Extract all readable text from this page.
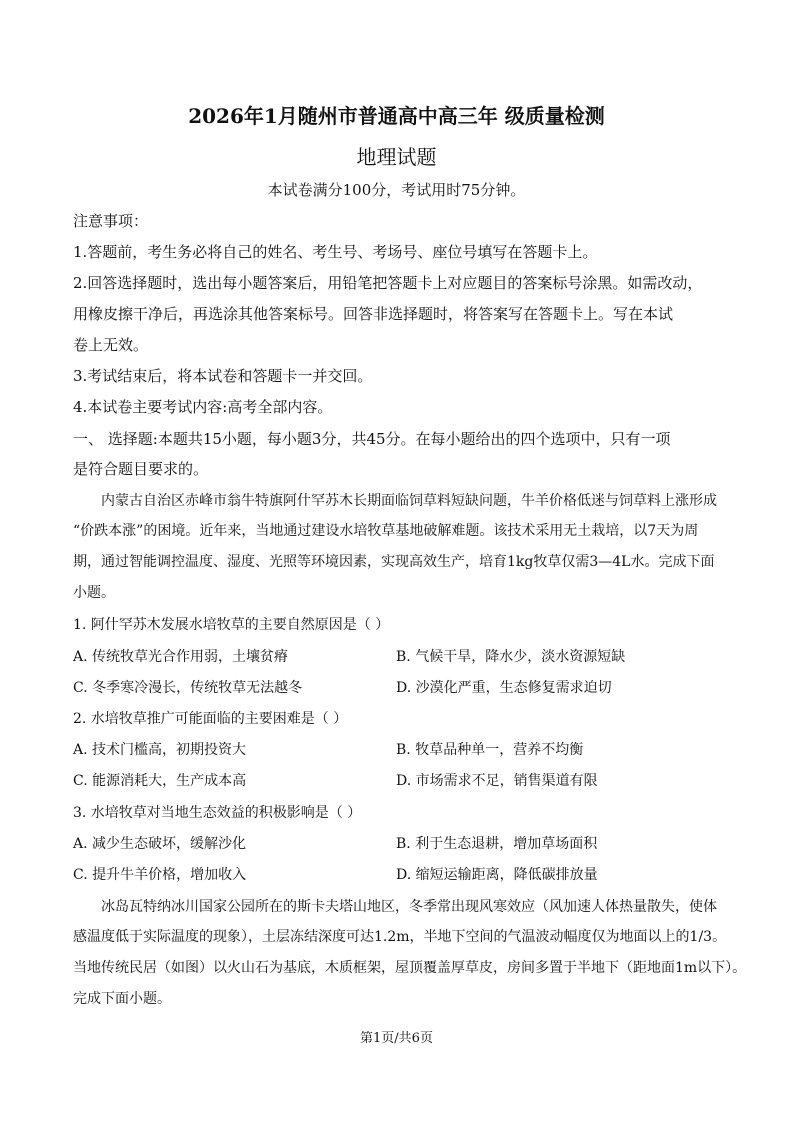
2026年1月随州市普通高中高三年 级质量检测
地理试题
本试卷满分100分，考试用时75分钟。
注意事项：
1.答题前，考生务必将自己的姓名、考生号、考场号、座位号填写在答题卡上。
2.回答选择题时，选出每小题答案后，用铅笔把答题卡上对应题目的答案标号涂黑。如需改动，
用橡皮擦干净后，再选涂其他答案标号。回答非选择题时，将答案写在答题卡上。写在本试
卷上无效。
3.考试结束后，将本试卷和答题卡一并交回。
4.本试卷主要考试内容:高考全部内容。
一、 选择题:本题共15小题，每小题3分，共45分。在每小题给出的四个选项中，只有一项
是符合题目要求的。
内蒙古自治区赤峰市翁牛特旗阿什罕苏木长期面临饲草料短缺问题，牛羊价格低迷与饲草料上涨形成
“价跌本涨”的困境。近年来，当地通过建设水培牧草基地破解难题。该技术采用无土栽培，以7天为周
期，通过智能调控温度、湿度、光照等环境因素，实现高效生产，培育1kg牧草仅需3—4L水。完成下面
小题。
1. 阿什罕苏木发展水培牧草的主要自然原因是（ ）
A. 传统牧草光合作用弱，土壤贫瘠	B. 气候干旱，降水少，淡水资源短缺
C. 冬季寒冷漫长，传统牧草无法越冬	D. 沙漠化严重，生态修复需求迫切
2. 水培牧草推广可能面临的主要困难是（ ）
A. 技术门槛高，初期投资大	B. 牧草品种单一，营养不均衡
C. 能源消耗大，生产成本高	D. 市场需求不足，销售渠道有限
3. 水培牧草对当地生态效益的积极影响是（ ）
A. 减少生态破坏，缓解沙化	B. 利于生态退耕，增加草场面积
C. 提升牛羊价格，增加收入	D. 缩短运输距离，降低碳排放量
冰岛瓦特纳冰川国家公园所在的斯卡夫塔山地区，冬季常出现风寒效应（风加速人体热量散失，使体
感温度低于实际温度的现象），土层冻结深度可达1.2m，半地下空间的气温波动幅度仅为地面以上的1/3。
当地传统民居（如图）以火山石为基底，木质框架，屋顶覆盖厚草皮，房间多置于半地下（距地面1m以下）。
完成下面小题。
第1页/共6页
